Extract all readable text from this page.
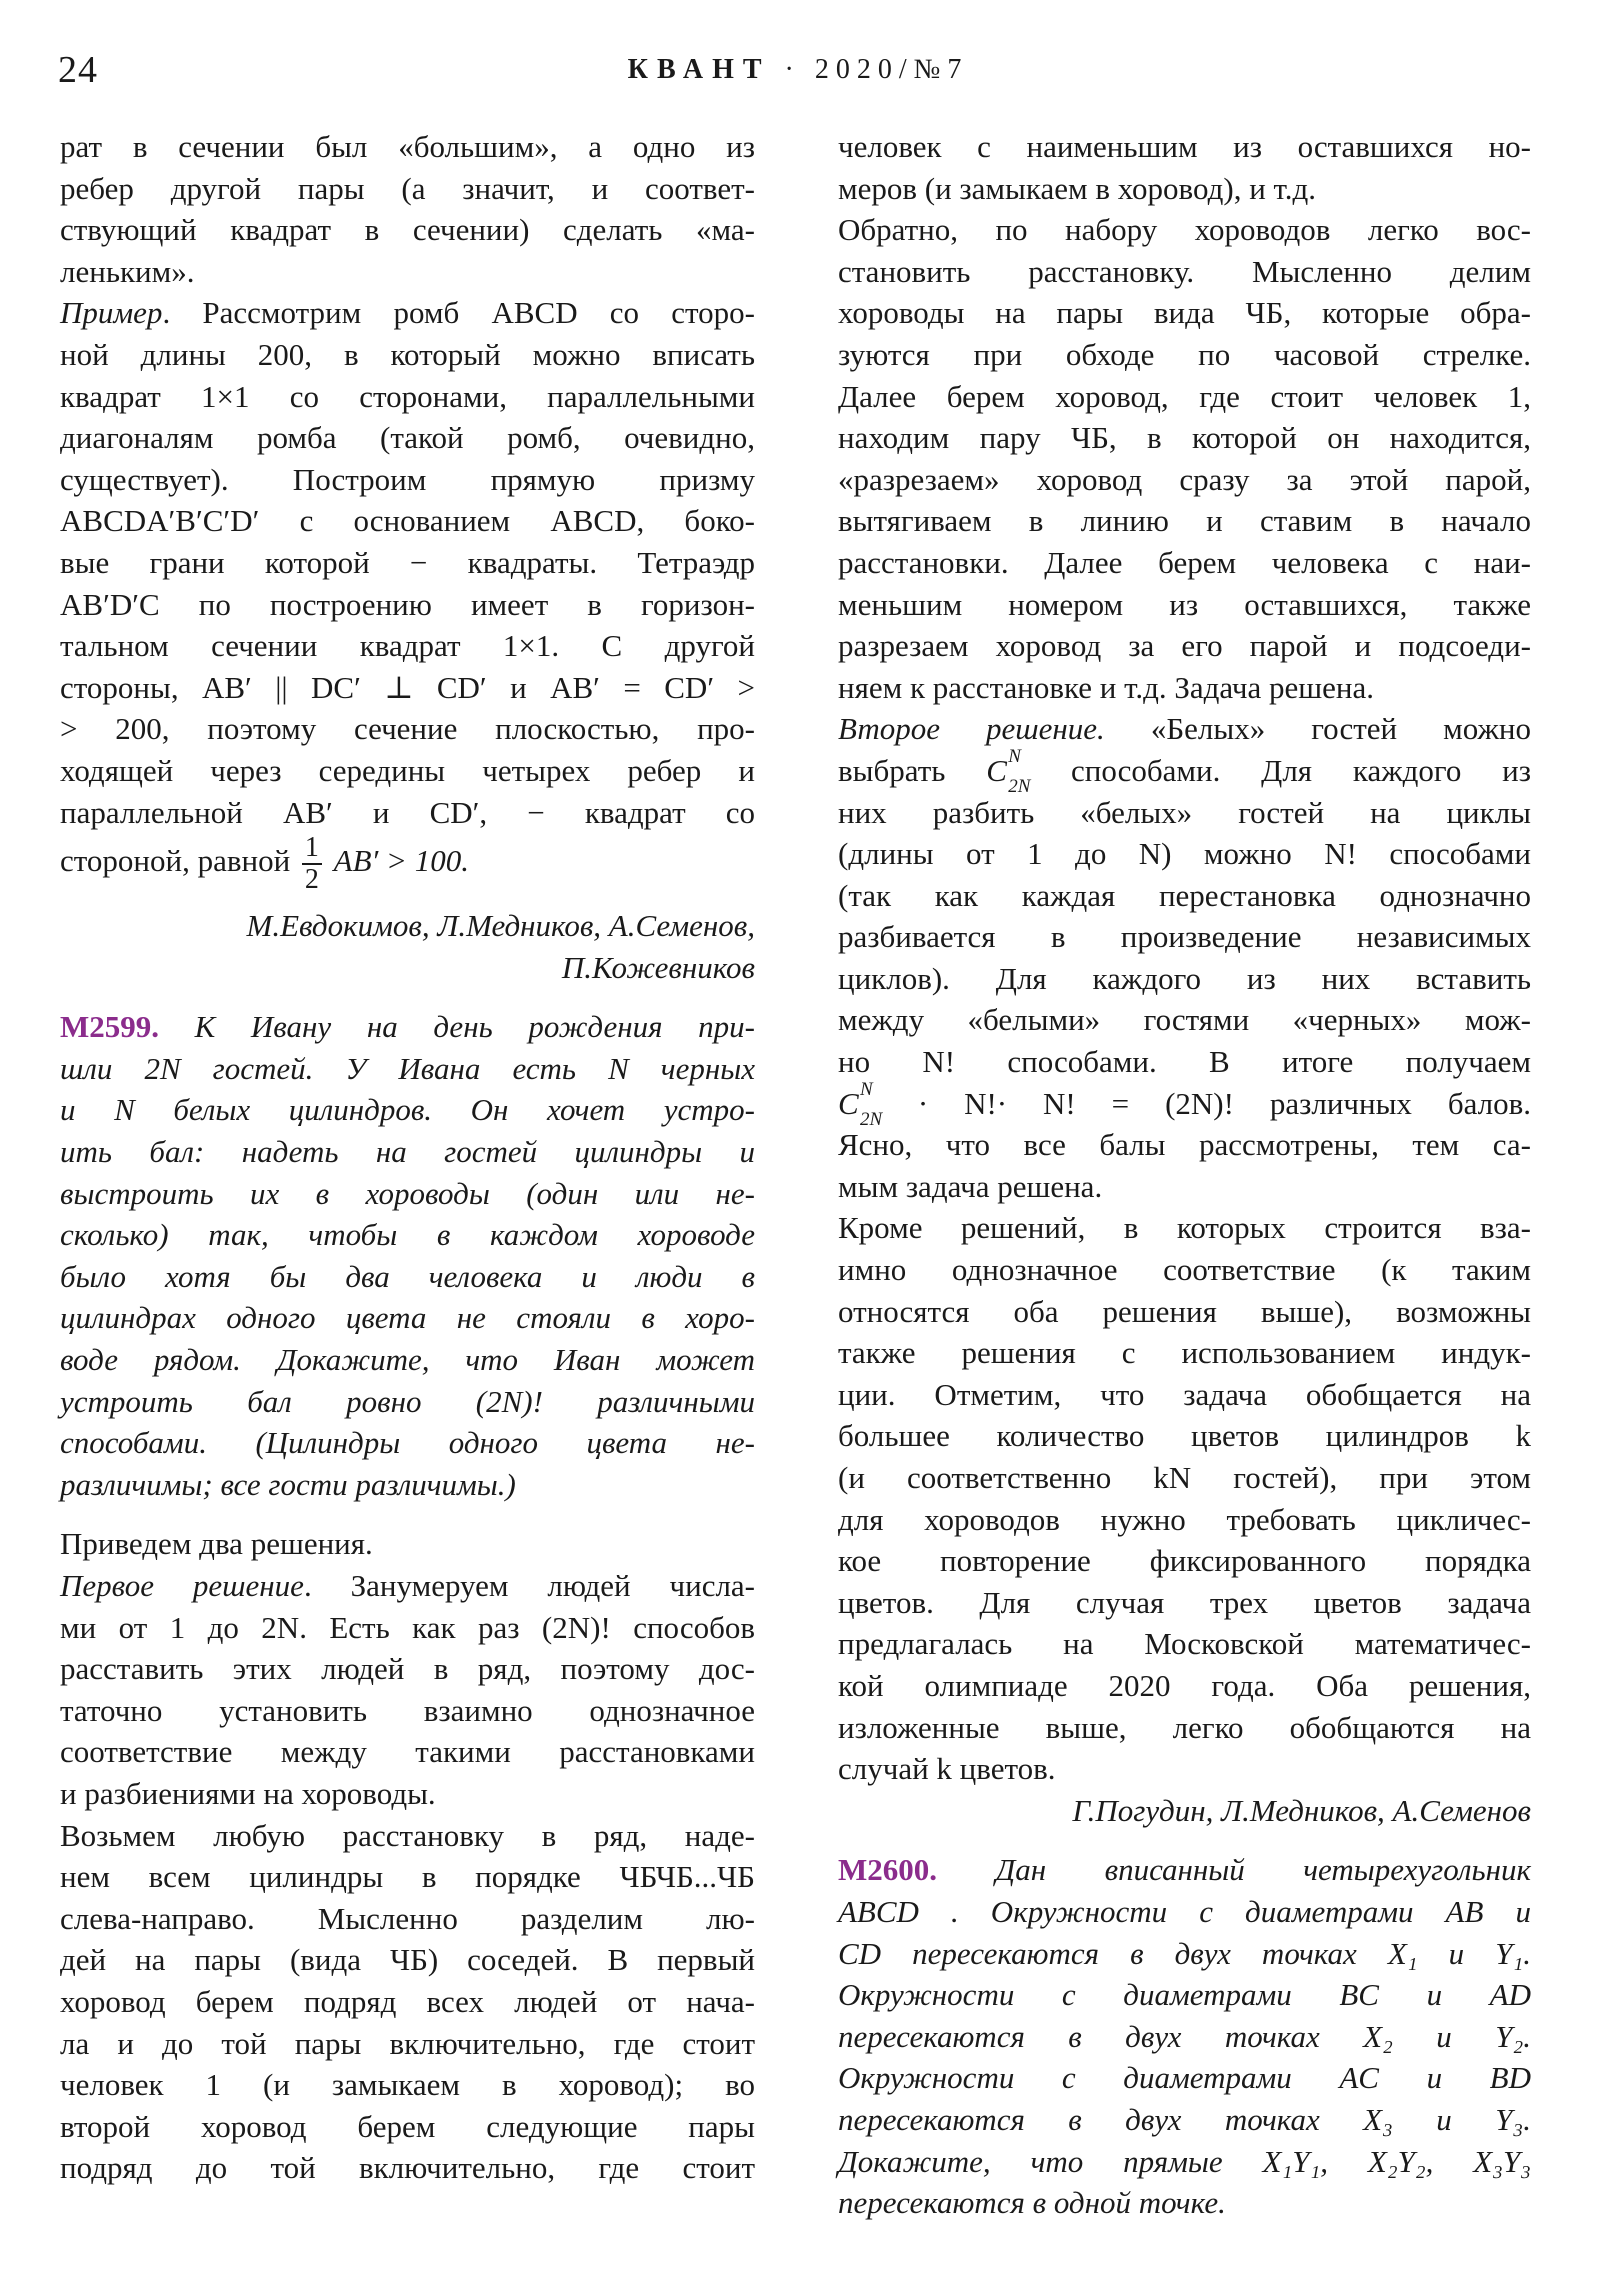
24	КВАНТ · 2020/№7
рат в сечении был «большим», а одно из
ребер другой пары (а значит, и соответ-
ствующий квадрат в сечении) сделать «ма-
леньким».
Пример. Рассмотрим ромб ABCD со сторо-
ной длины 200, в который можно вписать
квадрат 1×1 со сторонами, параллельными
диагоналям ромба (такой ромб, очевидно,
существует). Построим прямую призму
ABCDA′B′C′D′ с основанием ABCD, боко-
вые грани которой − квадраты. Тетраэдр
AB′D′C по построению имеет в горизон-
тальном сечении квадрат 1×1. С другой
стороны, AB′ || DC′ ⊥ CD′ и AB′ = CD′ >
> 200, поэтому сечение плоскостью, про-
ходящей через середины четырех ребер и
параллельной AB′ и CD′, − квадрат со
стороной, равной $\frac{1}{2} AB' > 100$.
М.Евдокимов, Л.Медников, А.Семенов,
П.Кожевников
М2599. К Ивану на день рождения при-
шли 2N гостей. У Ивана есть N черных
и N белых цилиндров. Он хочет устро-
ить бал: надеть на гостей цилиндры и
выстроить их в хороводы (один или не-
сколько) так, чтобы в каждом хороводе
было хотя бы два человека и люди в
цилиндрах одного цвета не стояли в хоро-
воде рядом. Докажите, что Иван может
устроить бал ровно (2N)! различными
способами. (Цилиндры одного цвета не-
различимы; все гости различимы.)
Приведем два решения.
Первое решение. Занумеруем людей числа-
ми от 1 до 2N. Есть как раз (2N)! способов
расставить этих людей в ряд, поэтому дос-
таточно установить взаимно однозначное
соответствие между такими расстановками
и разбиениями на хороводы.
Возьмем любую расстановку в ряд, наде-
нем всем цилиндры в порядке ЧБЧБ...ЧБ
слева-направо. Мысленно разделим лю-
дей на пары (вида ЧБ) соседей. В первый
хоровод берем подряд всех людей от нача-
ла и до той пары включительно, где стоит
человек 1 (и замыкаем в хоровод); во
второй хоровод берем следующие пары
подряд до той включительно, где стоит
человек с наименьшим из оставшихся но-
меров (и замыкаем в хоровод), и т.д.
Обратно, по набору хороводов легко вос-
становить расстановку. Мысленно делим
хороводы на пары вида ЧБ, которые обра-
зуются при обходе по часовой стрелке.
Далее берем хоровод, где стоит человек 1,
находим пару ЧБ, в которой он находится,
«разрезаем» хоровод сразу за этой парой,
вытягиваем в линию и ставим в начало
расстановки. Далее берем человека с наи-
меньшим номером из оставшихся, также
разрезаем хоровод за его парой и подсоеди-
няем к расстановке и т.д. Задача решена.
Второе решение. «Белых» гостей можно
выбрать C N
2N способами. Для каждого из
них разбить «белых» гостей на циклы
(длины от 1 до N) можно N! способами
(так как каждая перестановка однозначно
разбивается в произведение независимых
циклов). Для каждого из них вставить
между «белыми» гостями «черных» мож-
но N! способами. В итоге получаем
C N
2N · N!· N! = (2N)! различных балов.
Ясно, что все балы рассмотрены, тем са-
мым задача решена.
Кроме решений, в которых строится вза-
имно однозначное соответствие (к таким
относятся оба решения выше), возможны
также решения с использованием индук-
ции. Отметим, что задача обобщается на
большее количество цветов цилиндров k
(и соответственно kN гостей), при этом
для хороводов нужно требовать цикличес-
кое повторение фиксированного порядка
цветов. Для случая трех цветов задача
предлагалась на Московской математичес-
кой олимпиаде 2020 года. Оба решения,
изложенные выше, легко обобщаются на
случай k цветов.
Г.Погудин, Л.Медников, А.Семенов
М2600. Дан вписанный четырехугольник
ABCD . Окружности с диаметрами AB и
CD пересекаются в двух точках X₁ и Y₁.
Окружности с диаметрами BC и AD
пересекаются в двух точках X₂ и Y₂.
Окружности с диаметрами AC и BD
пересекаются в двух точках X₃ и Y₃.
Докажите, что прямые X₁Y₁, X₂Y₂, X₃Y₃
пересекаются в одной точке.
